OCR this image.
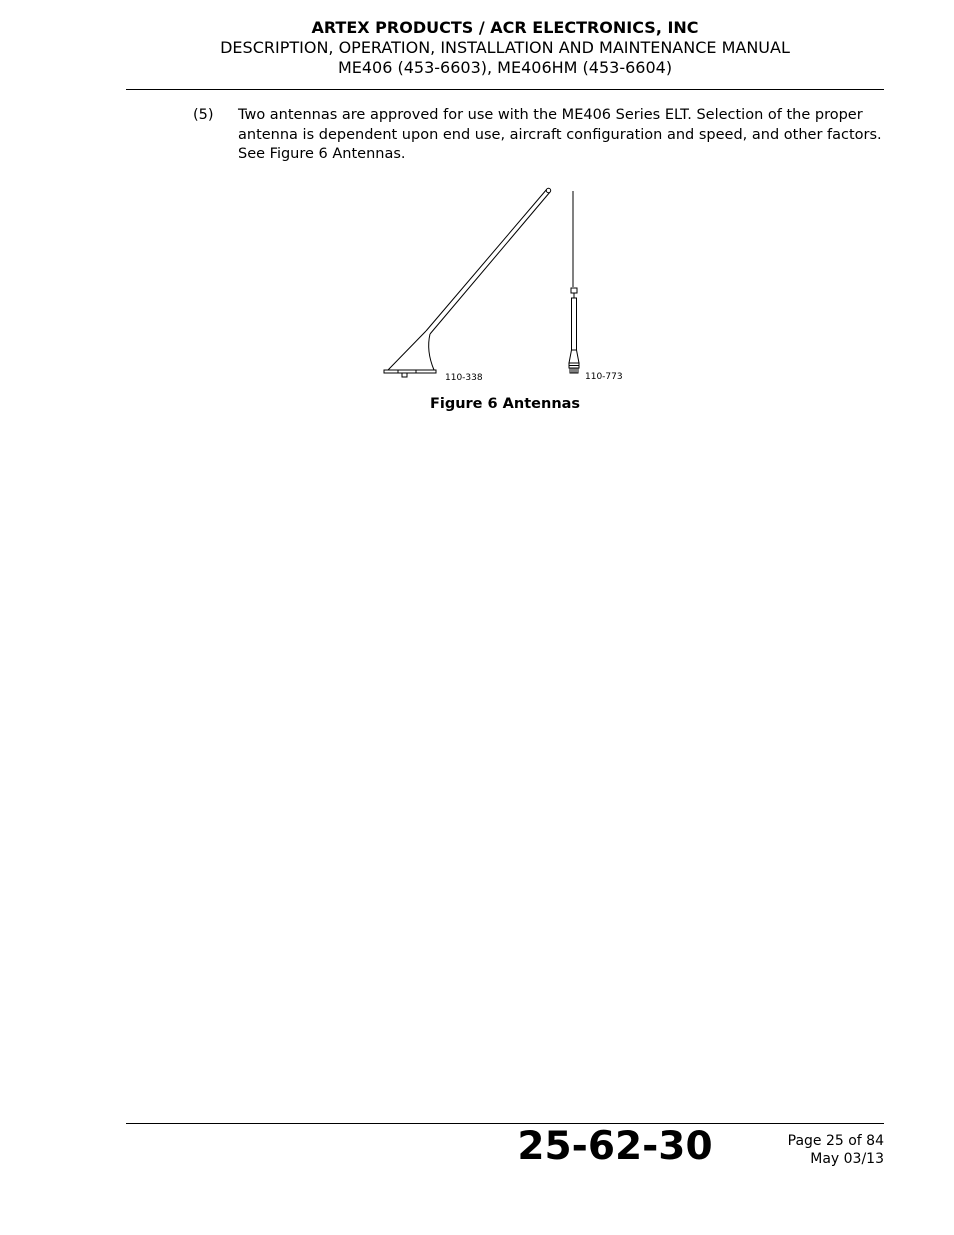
ARTEX PRODUCTS / ACR ELECTRONICS, INC
DESCRIPTION, OPERATION, INSTALLATION AND MAINTENANCE MANUAL
ME406 (453-6603), ME406HM (453-6604)
(5) Two antennas are approved for use with the ME406 Series ELT. Selection of the proper antenna is dependent upon end use, aircraft configuration and speed, and other factors. See Figure 6 Antennas.
110-338	110-773
Figure 6 Antennas
25-62-30	Page 25 of 84
May 03/13
